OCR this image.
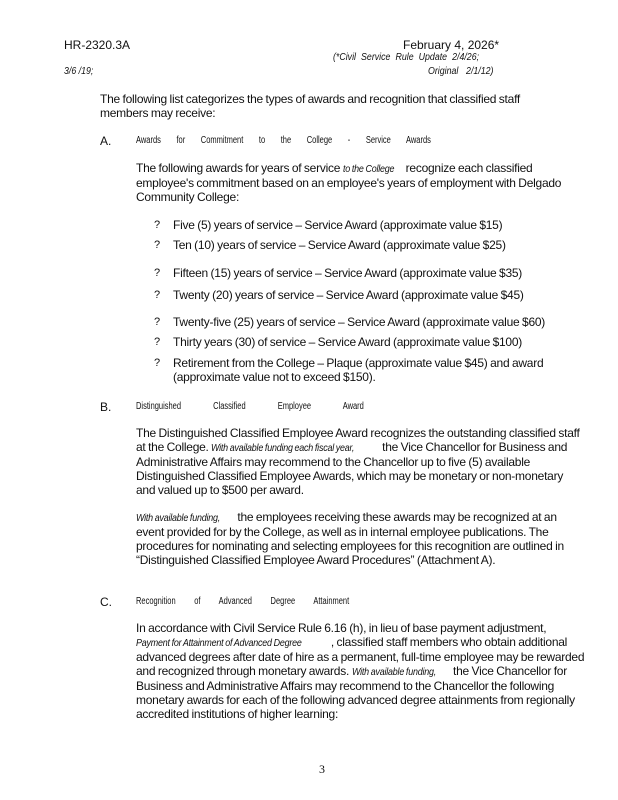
HR-2320.3A	February 4, 2026*
(*Civil Service Rule Update 2/4/26;
3/6 /19;	Original 2/1/12)

The following list categorizes the types of awards and recognition that classified staff members may receive:

A. Awards for Commitment to the College - Service Awards

The following awards for years of service to the College recognize each classified employee's commitment based on an employee's years of employment with Delgado Community College:

? Five (5) years of service – Service Award (approximate value $15)

? Ten (10) years of service – Service Award (approximate value $25)

? Fifteen (15) years of service – Service Award (approximate value $35)

? Twenty (20) years of service – Service Award (approximate value $45)

? Twenty-five (25) years of service – Service Award (approximate value $60)

? Thirty years (30) of service – Service Award (approximate value $100)

? Retirement from the College – Plaque (approximate value $45) and award (approximate value not to exceed $150).

B. Distinguished Classified Employee Award

The Distinguished Classified Employee Award recognizes the outstanding classified staff at the College. With available funding each fiscal year, the Vice Chancellor for Business and Administrative Affairs may recommend to the Chancellor up to five (5) available Distinguished Classified Employee Awards, which may be monetary or non-monetary and valued up to $500 per award.

With available funding, the employees receiving these awards may be recognized at an event provided for by the College, as well as in internal employee publications. The procedures for nominating and selecting employees for this recognition are outlined in “Distinguished Classified Employee Award Procedures” (Attachment A).

C. Recognition of Advanced Degree Attainment

In accordance with Civil Service Rule 6.16 (h), in lieu of base payment adjustment, Payment for Attainment of Advanced Degree , classified staff members who obtain additional advanced degrees after date of hire as a permanent, full-time employee may be rewarded and recognized through monetary awards. With available funding, the Vice Chancellor for Business and Administrative Affairs may recommend to the Chancellor the following monetary awards for each of the following advanced degree attainments from regionally accredited institutions of higher learning:

3
